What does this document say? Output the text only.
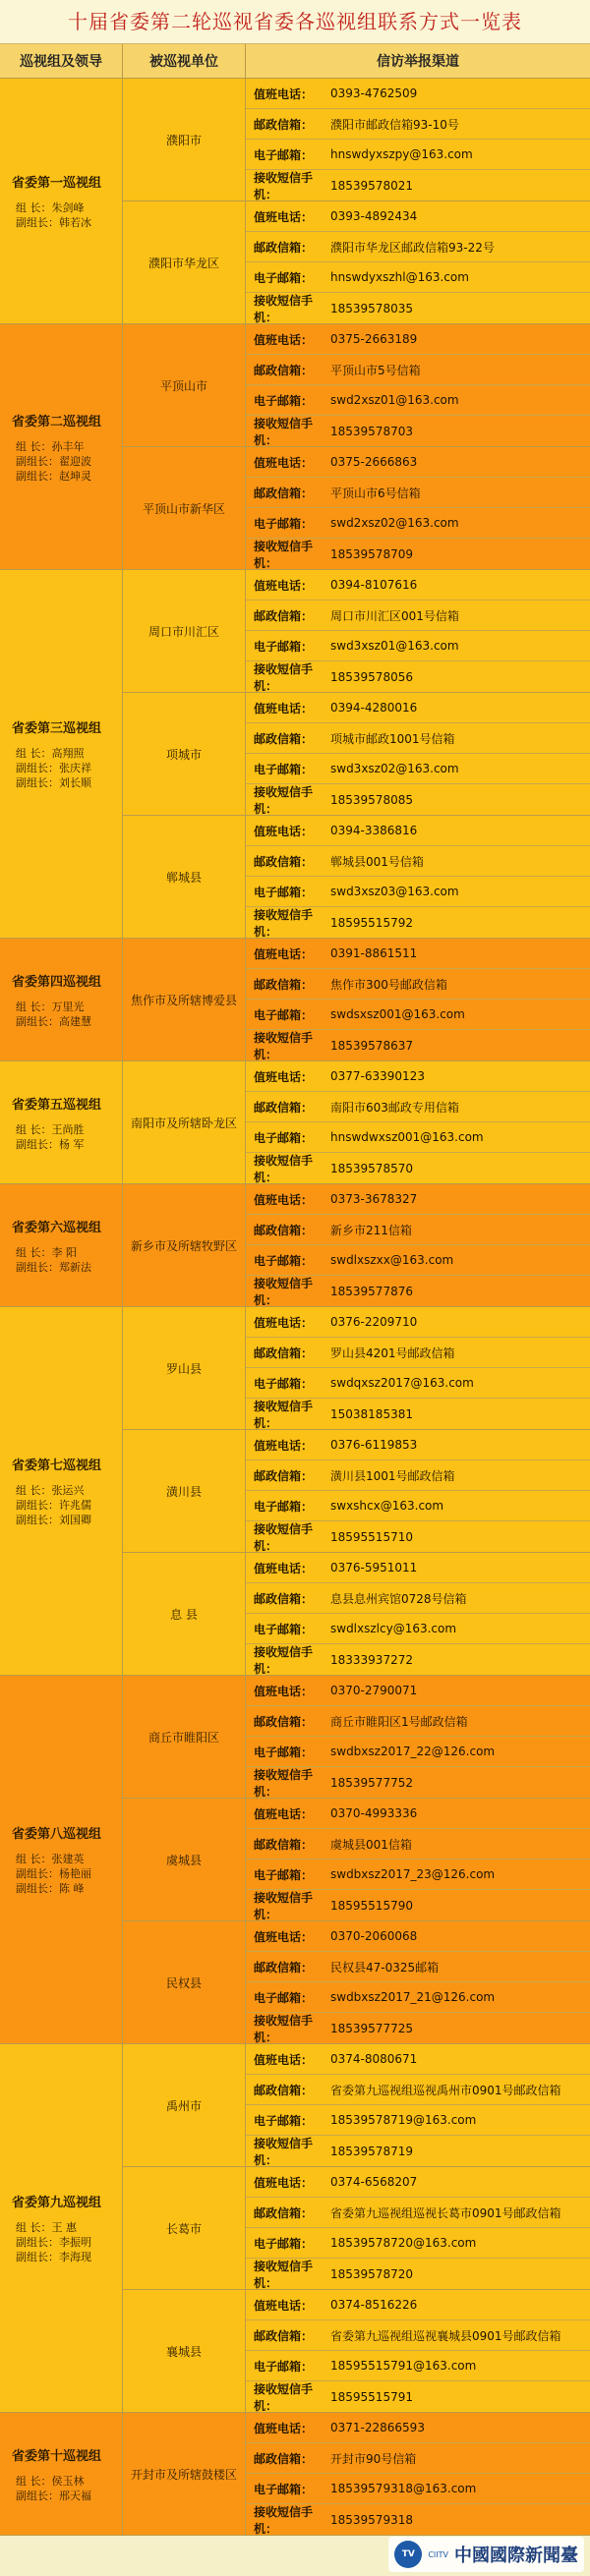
十届省委第二轮巡视省委各巡视组联系方式一览表
巡视组及领导	被巡视单位	信访举报渠道
省委第一巡视组
组 长：朱剑峰
副组长：韩若冰
濮阳市
值班电话：	0393-4762509
邮政信箱：	濮阳市邮政信箱93-10号
电子邮箱：	hnswdyxszpy@163.com
接收短信手机：
18539578021
濮阳市华龙区
值班电话：	0393-4892434
邮政信箱：	濮阳市华龙区邮政信箱93-22号
电子邮箱：	hnswdyxszhl@163.com
接收短信手机：
18539578035
省委第二巡视组
组 长：孙丰年
副组长：翟迎波
副组长：赵坤灵
平顶山市
值班电话：	0375-2663189
邮政信箱：	平顶山市5号信箱
电子邮箱：	swd2xsz01@163.com
接收短信手机：
18539578703
平顶山市新华区
值班电话：	0375-2666863
邮政信箱：	平顶山市6号信箱
电子邮箱：	swd2xsz02@163.com
接收短信手机：
18539578709
省委第三巡视组
组 长：高翔照
副组长：张庆祥
副组长：刘长顺
周口市川汇区
值班电话：	0394-8107616
邮政信箱：	周口市川汇区001号信箱
电子邮箱：	swd3xsz01@163.com
接收短信手机：
18539578056
项城市
值班电话：	0394-4280016
邮政信箱：	项城市邮政1001号信箱
电子邮箱：	swd3xsz02@163.com
接收短信手机：
18539578085
郸城县
值班电话：	0394-3386816
邮政信箱：	郸城县001号信箱
电子邮箱：	swd3xsz03@163.com
接收短信手机：
18595515792
省委第四巡视组
组 长：万里光
副组长：高建慧
焦作市及所辖博爱县
值班电话：	0391-8861511
邮政信箱：	焦作市300号邮政信箱
电子邮箱：	swdsxsz001@163.com
接收短信手机：
18539578637
省委第五巡视组
组 长：王尚胜
副组长：杨 军
南阳市及所辖卧龙区
值班电话：	0377-63390123
邮政信箱：	南阳市603邮政专用信箱
电子邮箱：	hnswdwxsz001@163.com
接收短信手机：
18539578570
省委第六巡视组
组 长：李 阳
副组长：郑新法
新乡市及所辖牧野区
值班电话：	0373-3678327
邮政信箱：	新乡市211信箱
电子邮箱：	swdlxszxx@163.com
接收短信手机：
18539577876
省委第七巡视组
组 长：张运兴
副组长：许兆儒
副组长：刘国卿
罗山县
值班电话：	0376-2209710
邮政信箱：	罗山县4201号邮政信箱
电子邮箱：	swdqxsz2017@163.com
接收短信手机：
15038185381
潢川县
值班电话：	0376-6119853
邮政信箱：	潢川县1001号邮政信箱
电子邮箱：	swxshcx@163.com
接收短信手机：
18595515710
息 县
值班电话：	0376-5951011
邮政信箱：	息县息州宾馆0728号信箱
电子邮箱：	swdlxszlcy@163.com
接收短信手机：
18333937272
省委第八巡视组
组 长：张建英
副组长：杨艳丽
副组长：陈 峰
商丘市睢阳区
值班电话：	0370-2790071
邮政信箱：	商丘市睢阳区1号邮政信箱
电子邮箱：	swdbxsz2017_22@126.com
接收短信手机：
18539577752
虞城县
值班电话：	0370-4993336
邮政信箱：	虞城县001信箱
电子邮箱：	swdbxsz2017_23@126.com
接收短信手机：
18595515790
民权县
值班电话：	0370-2060068
邮政信箱：	民权县47-0325邮箱
电子邮箱：	swdbxsz2017_21@126.com
接收短信手机：
18539577725
省委第九巡视组
组 长：王 惠
副组长：李振明
副组长：李海现
禹州市
值班电话：	0374-8080671
邮政信箱：	省委第九巡视组巡视禹州市0901号邮政信箱
电子邮箱：	18539578719@163.com
接收短信手机：
18539578719
长葛市
值班电话：	0374-6568207
邮政信箱：	省委第九巡视组巡视长葛市0901号邮政信箱
电子邮箱：	18539578720@163.com
接收短信手机：
18539578720
襄城县
值班电话：	0374-8516226
邮政信箱：	省委第九巡视组巡视襄城县0901号邮政信箱
电子邮箱：	18595515791@163.com
接收短信手机：
18595515791
省委第十巡视组
组 长：侯玉林
副组长：邢天福
开封市及所辖鼓楼区
值班电话：	0371-22866593
邮政信箱：	开封市90号信箱
电子邮箱：	18539579318@163.com
接收短信手机：
18539579318
TV	CIITV 中國國際新聞臺
